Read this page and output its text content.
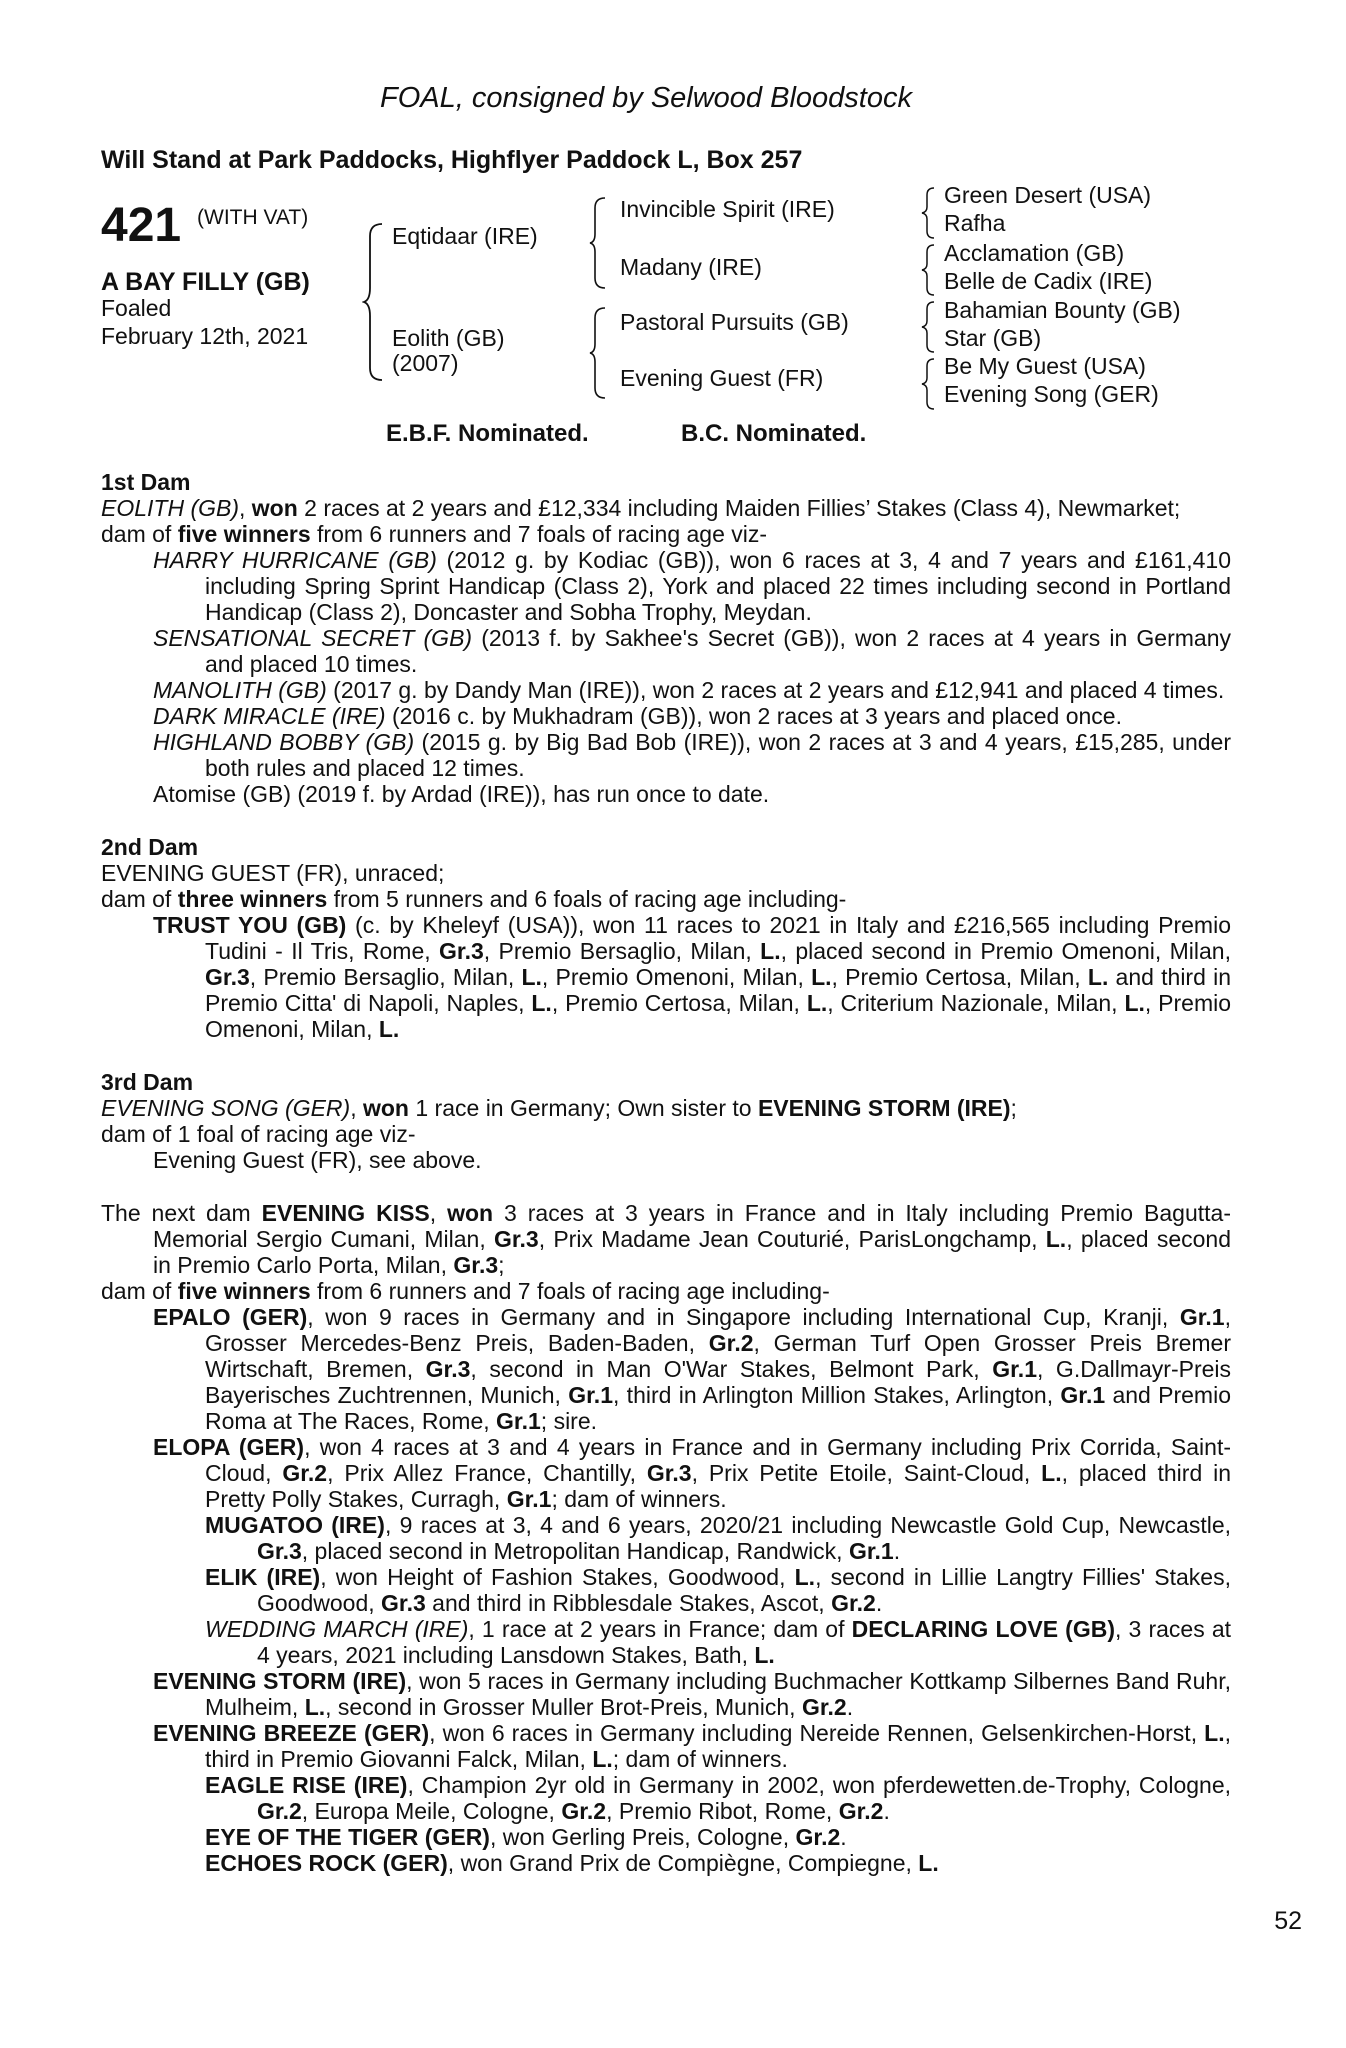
FOAL, consigned by Selwood Bloodstock
Will Stand at Park Paddocks, Highflyer Paddock L, Box 257
421 (WITH VAT)
A BAY FILLY (GB)
Foaled
February 12th, 2021
Eqtidaar (IRE)
Eolith (GB)
(2007)
Invincible Spirit (IRE)
Madany (IRE)
Pastoral Pursuits (GB)
Evening Guest (FR)
Green Desert (USA)
Rafha
Acclamation (GB)
Belle de Cadix (IRE)
Bahamian Bounty (GB)
Star (GB)
Be My Guest (USA)
Evening Song (GER)
E.B.F. Nominated.	B.C. Nominated.

1st Dam

EOLITH (GB), won 2 races at 2 years and £12,334 including Maiden Fillies’ Stakes (Class 4), Newmarket;

dam of five winners from 6 runners and 7 foals of racing age viz-

HARRY HURRICANE (GB) (2012 g. by Kodiac (GB)), won 6 races at 3, 4 and 7 years and £161,410 including Spring Sprint Handicap (Class 2), York and placed 22 times including second in Portland Handicap (Class 2), Doncaster and Sobha Trophy, Meydan.

SENSATIONAL SECRET (GB) (2013 f. by Sakhee's Secret (GB)), won 2 races at 4 years in Germany and placed 10 times.

MANOLITH (GB) (2017 g. by Dandy Man (IRE)), won 2 races at 2 years and £12,941 and placed 4 times.

DARK MIRACLE (IRE) (2016 c. by Mukhadram (GB)), won 2 races at 3 years and placed once.

HIGHLAND BOBBY (GB) (2015 g. by Big Bad Bob (IRE)), won 2 races at 3 and 4 years, £15,285, under both rules and placed 12 times.

Atomise (GB) (2019 f. by Ardad (IRE)), has run once to date.

2nd Dam

EVENING GUEST (FR), unraced;

dam of three winners from 5 runners and 6 foals of racing age including-

TRUST YOU (GB) (c. by Kheleyf (USA)), won 11 races to 2021 in Italy and £216,565 including Premio Tudini - Il Tris, Rome, Gr.3, Premio Bersaglio, Milan, L., placed second in Premio Omenoni, Milan, Gr.3, Premio Bersaglio, Milan, L., Premio Omenoni, Milan, L., Premio Certosa, Milan, L. and third in Premio Citta' di Napoli, Naples, L., Premio Certosa, Milan, L., Criterium Nazionale, Milan, L., Premio Omenoni, Milan, L.

3rd Dam

EVENING SONG (GER), won 1 race in Germany; Own sister to EVENING STORM (IRE);

dam of 1 foal of racing age viz-

Evening Guest (FR), see above.

The next dam EVENING KISS, won 3 races at 3 years in France and in Italy including Premio Bagutta-Memorial Sergio Cumani, Milan, Gr.3, Prix Madame Jean Couturié, ParisLongchamp, L., placed second in Premio Carlo Porta, Milan, Gr.3;

dam of five winners from 6 runners and 7 foals of racing age including-

EPALO (GER), won 9 races in Germany and in Singapore including International Cup, Kranji, Gr.1, Grosser Mercedes-Benz Preis, Baden-Baden, Gr.2, German Turf Open Grosser Preis Bremer Wirtschaft, Bremen, Gr.3, second in Man O'War Stakes, Belmont Park, Gr.1, G.Dallmayr-Preis Bayerisches Zuchtrennen, Munich, Gr.1, third in Arlington Million Stakes, Arlington, Gr.1 and Premio Roma at The Races, Rome, Gr.1; sire.

ELOPA (GER), won 4 races at 3 and 4 years in France and in Germany including Prix Corrida, Saint-Cloud, Gr.2, Prix Allez France, Chantilly, Gr.3, Prix Petite Etoile, Saint-Cloud, L., placed third in Pretty Polly Stakes, Curragh, Gr.1; dam of winners.

MUGATOO (IRE), 9 races at 3, 4 and 6 years, 2020/21 including Newcastle Gold Cup, Newcastle, Gr.3, placed second in Metropolitan Handicap, Randwick, Gr.1.

ELIK (IRE), won Height of Fashion Stakes, Goodwood, L., second in Lillie Langtry Fillies' Stakes, Goodwood, Gr.3 and third in Ribblesdale Stakes, Ascot, Gr.2.

WEDDING MARCH (IRE), 1 race at 2 years in France; dam of DECLARING LOVE (GB), 3 races at 4 years, 2021 including Lansdown Stakes, Bath, L.

EVENING STORM (IRE), won 5 races in Germany including Buchmacher Kottkamp Silbernes Band Ruhr, Mulheim, L., second in Grosser Muller Brot-Preis, Munich, Gr.2.

EVENING BREEZE (GER), won 6 races in Germany including Nereide Rennen, Gelsenkirchen-Horst, L., third in Premio Giovanni Falck, Milan, L.; dam of winners.

EAGLE RISE (IRE), Champion 2yr old in Germany in 2002, won pferdewetten.de-Trophy, Cologne, Gr.2, Europa Meile, Cologne, Gr.2, Premio Ribot, Rome, Gr.2.

EYE OF THE TIGER (GER), won Gerling Preis, Cologne, Gr.2.

ECHOES ROCK (GER), won Grand Prix de Compiègne, Compiegne, L.

52
